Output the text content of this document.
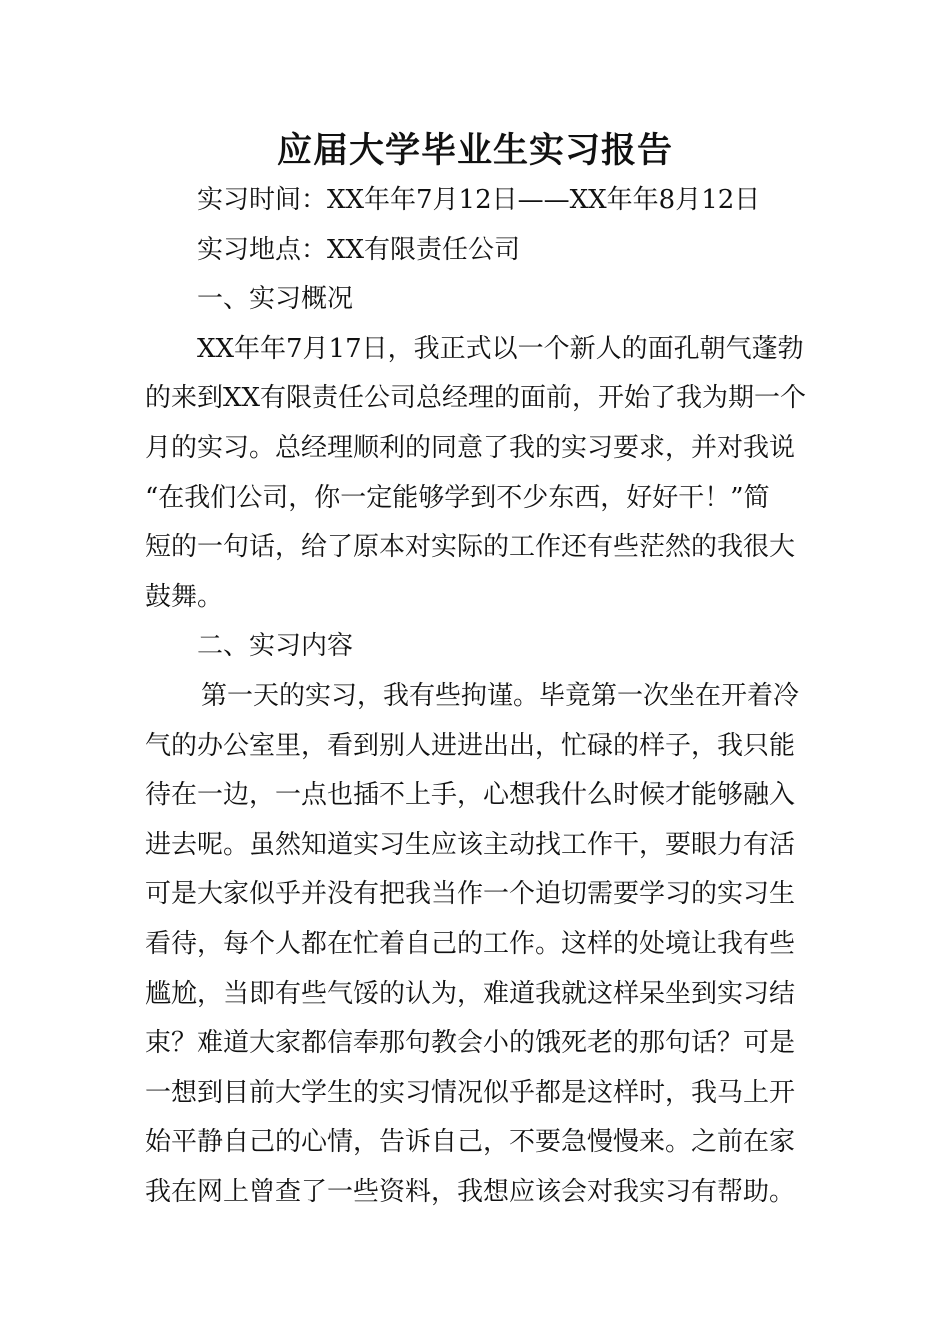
应届大学毕业生实习报告
实习时间：XX年年7月12日——XX年年8月12日
实习地点：XX有限责任公司
一、实习概况
XX年年7月17日，我正式以一个新人的面孔朝气蓬勃
的来到XX有限责任公司总经理的面前，开始了我为期一个
月的实习。总经理顺利的同意了我的实习要求，并对我说
“在我们公司，你一定能够学到不少东西，好好干！”简
短的一句话，给了原本对实际的工作还有些茫然的我很大
鼓舞。
二、实习内容
第一天的实习，我有些拘谨。毕竟第一次坐在开着冷
气的办公室里，看到别人进进出出，忙碌的样子，我只能
待在一边，一点也插不上手，心想我什么时候才能够融入
进去呢。虽然知道实习生应该主动找工作干，要眼力有活
可是大家似乎并没有把我当作一个迫切需要学习的实习生
看待，每个人都在忙着自己的工作。这样的处境让我有些
尴尬，当即有些气馁的认为，难道我就这样呆坐到实习结
束？难道大家都信奉那句教会小的饿死老的那句话？可是
一想到目前大学生的实习情况似乎都是这样时，我马上开
始平静自己的心情，告诉自己，不要急慢慢来。之前在家
我在网上曾查了一些资料，我想应该会对我实习有帮助。
